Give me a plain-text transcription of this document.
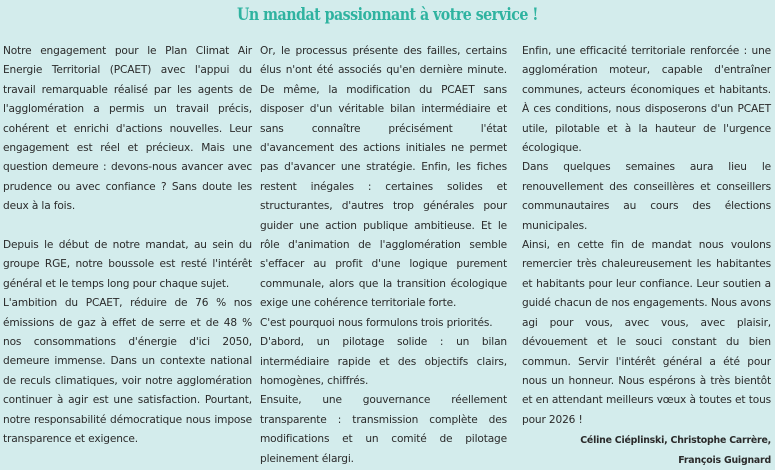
Un mandat passionnant à votre service !

Notre engagement pour le Plan Climat Air Energie Territorial (PCAET) avec l'appui du travail remarquable réalisé par les agents de l'agglomération a permis un travail précis, cohérent et enrichi d'actions nouvelles. Leur engagement est réel et précieux. Mais une question demeure : devons-nous avancer avec prudence ou avec confiance ? Sans doute les deux à la fois.

Depuis le début de notre mandat, au sein du groupe RGE, notre boussole est resté l'intérêt général et le temps long pour chaque sujet.

L'ambition du PCAET, réduire de 76 % nos émissions de gaz à effet de serre et de 48 % nos consommations d'énergie d'ici 2050, demeure immense. Dans un contexte national de reculs climatiques, voir notre agglomération continuer à agir est une satisfaction. Pourtant, notre responsabilité démocratique nous impose transparence et exigence.

Or, le processus présente des failles, certains élus n'ont été associés qu'en dernière minute. De même, la modification du PCAET sans disposer d'un véritable bilan intermédiaire et sans connaître précisément l'état d'avancement des actions initiales ne permet pas d'avancer une stratégie. Enfin, les fiches restent inégales : certaines solides et structurantes, d'autres trop générales pour guider une action publique ambitieuse. Et le rôle d'animation de l'agglomération semble s'effacer au profit d'une logique purement communale, alors que la transition écologique exige une cohérence territoriale forte.

C'est pourquoi nous formulons trois priorités.

D'abord, un pilotage solide : un bilan intermédiaire rapide et des objectifs clairs, homogènes, chiffrés.

Ensuite, une gouvernance réellement transparente : transmission complète des modifications et un comité de pilotage pleinement élargi.

Enfin, une efficacité territoriale renforcée : une agglomération moteur, capable d'entraîner communes, acteurs économiques et habitants. À ces conditions, nous disposerons d'un PCAET utile, pilotable et à la hauteur de l'urgence écologique.

Dans quelques semaines aura lieu le renouvellement des conseillères et conseillers communautaires au cours des élections municipales.

Ainsi, en cette fin de mandat nous voulons remercier très chaleureusement les habitantes et habitants pour leur confiance. Leur soutien a guidé chacun de nos engagements. Nous avons agi pour vous, avec vous, avec plaisir, dévouement et le souci constant du bien commun. Servir l'intérêt général a été pour nous un honneur. Nous espérons à très bientôt et en attendant meilleurs vœux à toutes et tous pour 2026 !

Céline Ciéplinski, Christophe Carrère,
François Guignard
